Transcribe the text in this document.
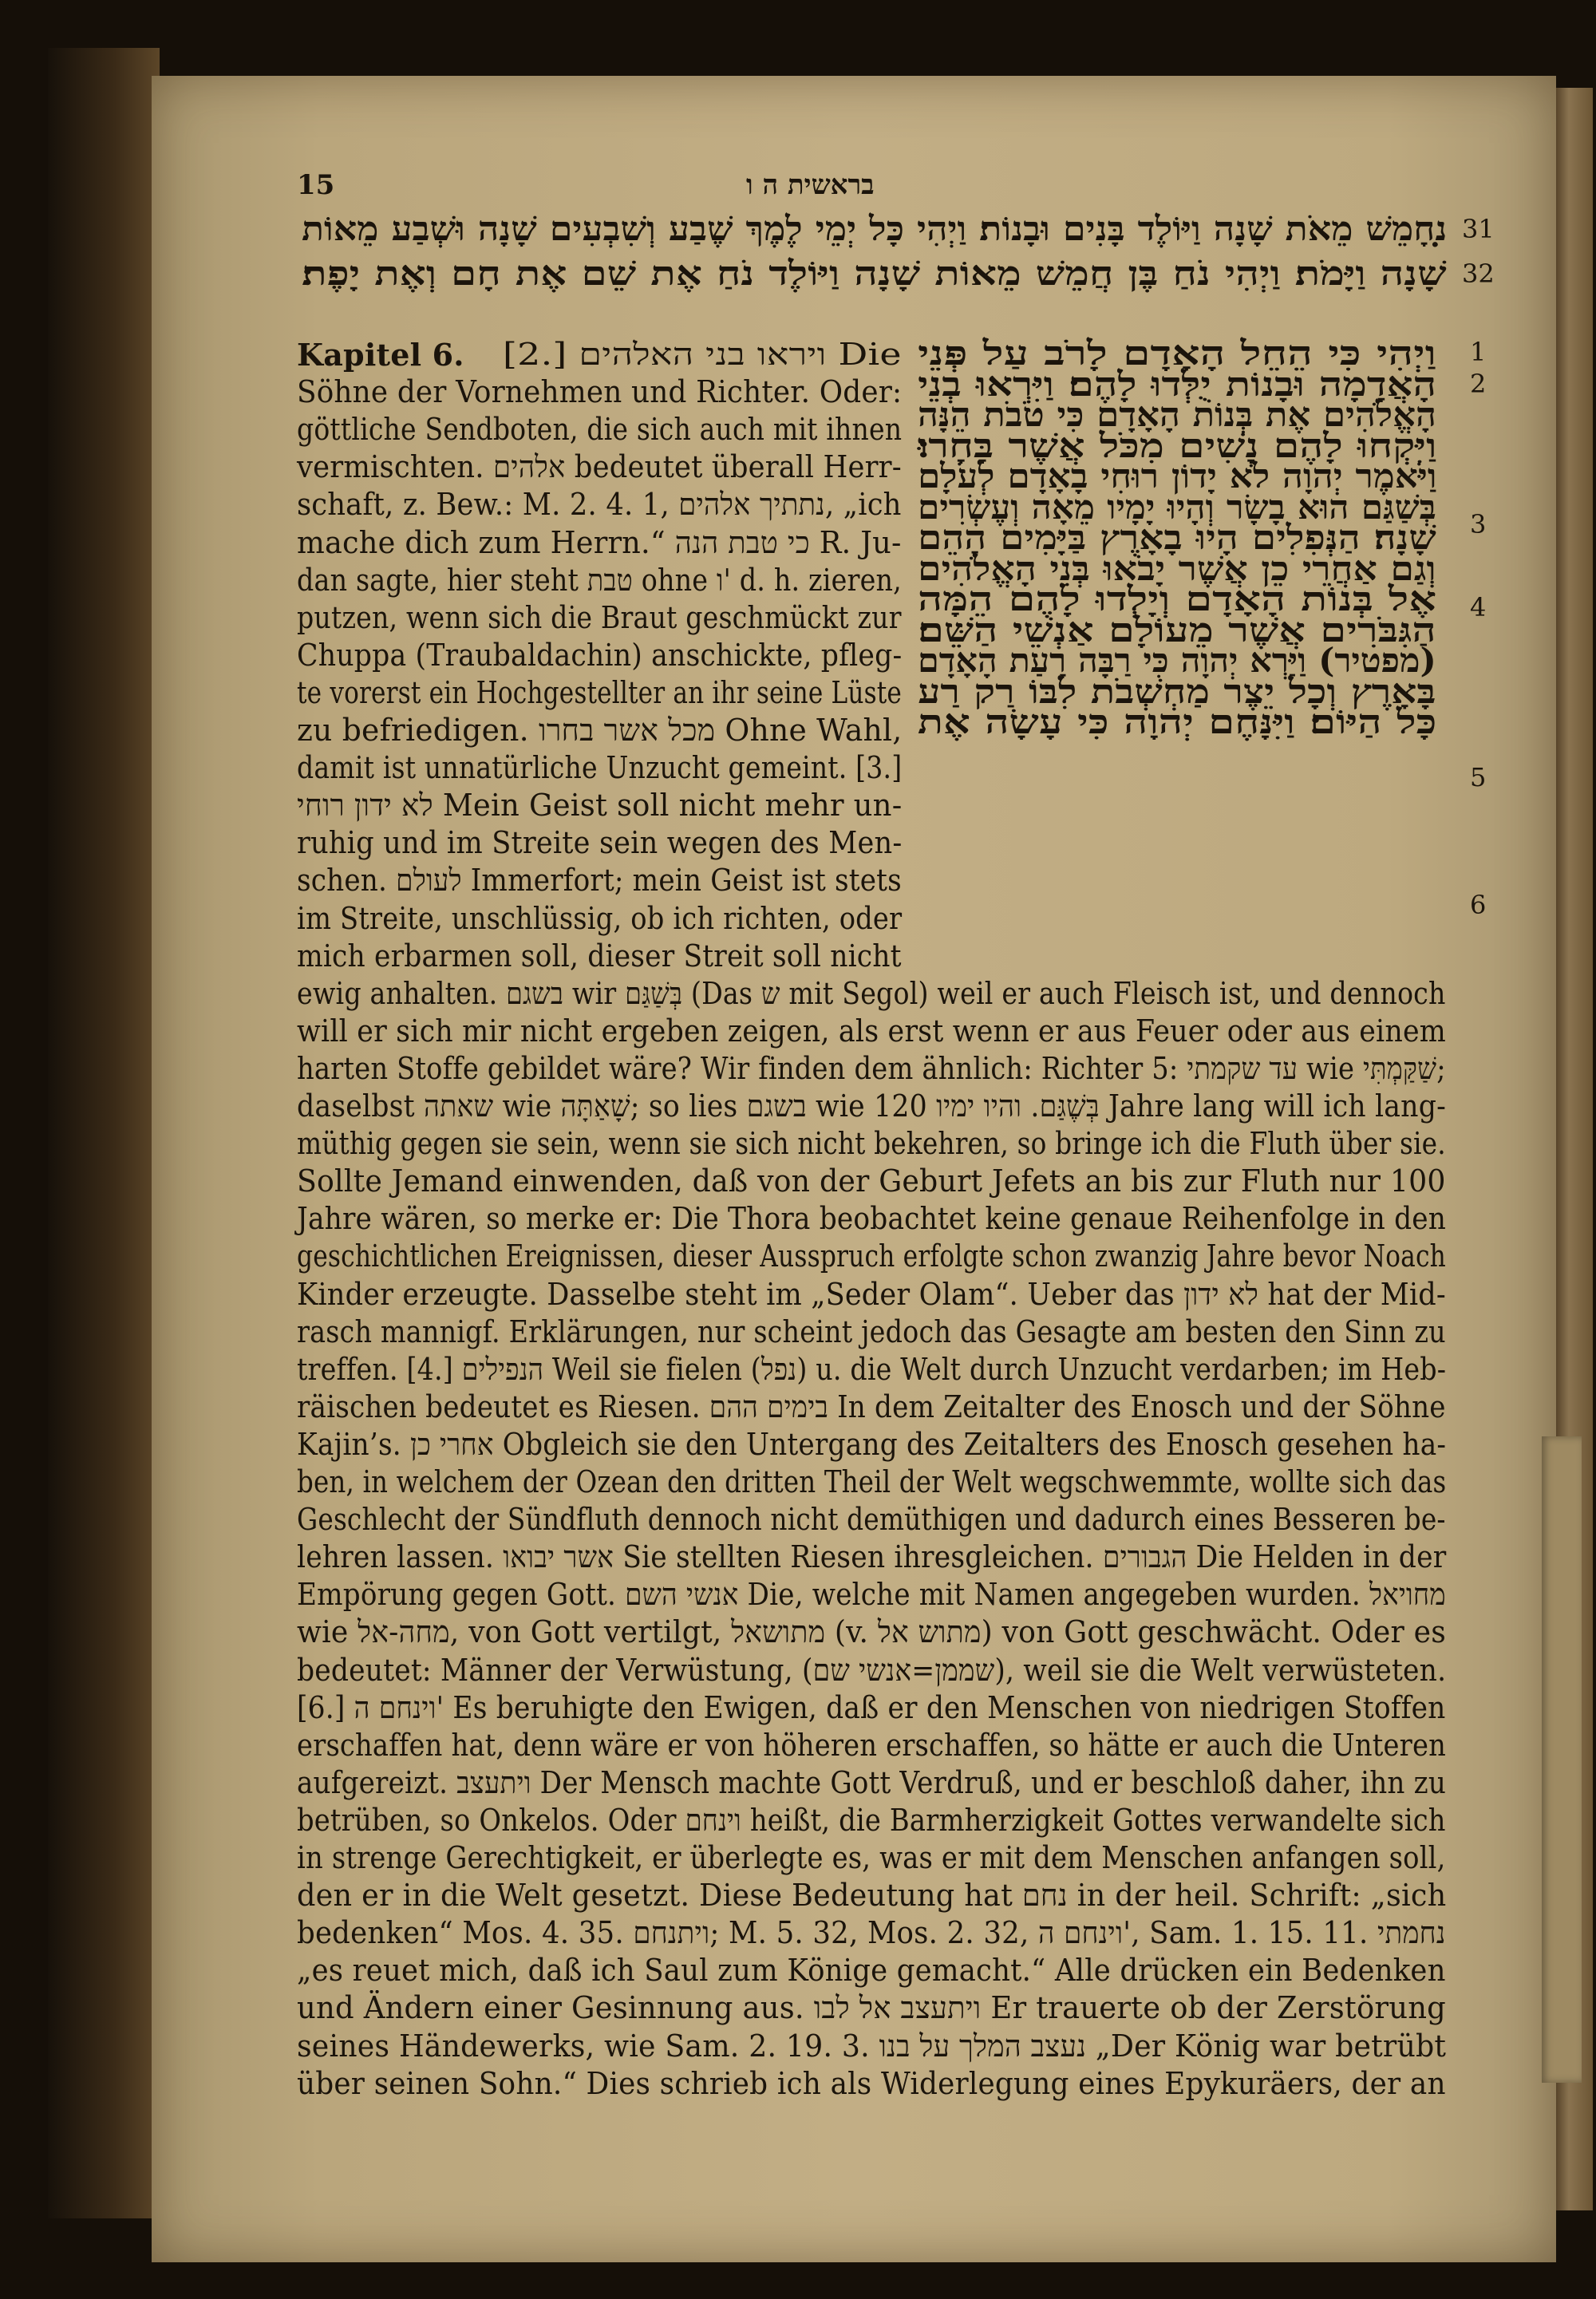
15	בראשית ה ו
נ̣חָמֵשׁ מֵאֹת שָׁנָה וַיּוֹלֶד בָּנִים וּבָנוֹת׃ וַיְהִי כָּל יְמֵי לֶמֶךְ שֶׁבַע וְשִׁבְעִים שָׁנָה וּשְׁבַע מֵאוֹת
שָׁנָה וַיָּמֹת׃ וַיְהִי נֹחַ בֶּן חֲמֵשׁ מֵאוֹת שָׁנָה וַיּוֹלֶד נֹחַ אֶת שֵׁם אֶת חָם וְאֶת יָפֶת׃
31
32
וַיְהִי כִּי הֵחֵל הָאָדָם לָרֹב עַל פְּנֵי
הָאֲדָמָה וּבָנוֹת יֻלְּדוּ לָהֶם׃ וַיִּרְאוּ בְנֵי
הָאֱלֹהִים אֶת בְּנוֹת הָאָדָם כִּי טֹבֹת הֵנָּה
וַיִּקְחוּ לָהֶם נָשִׁים מִכֹּל אֲשֶׁר בָּחָרוּ׃
וַיֹּאמֶר יְהוָה לֹא יָדוֹן רוּחִי בָאָדָם לְעֹלָם
בְּשַׁגַּם הוּא בָשָׂר וְהָיוּ יָמָיו מֵאָה וְעֶשְׂרִים
שָׁנָה׃ הַנְּפִלִים הָיוּ בָאָרֶץ בַּיָּמִים הָהֵם
וְגַם אַחֲרֵי כֵן אֲשֶׁר יָבֹאוּ בְּנֵי הָאֱלֹהִים
אֶל בְּנוֹת הָאָדָם וְיָלְדוּ לָהֶם הֵמָּה
הַגִּבֹּרִים אֲשֶׁר מֵעוֹלָם אַנְשֵׁי הַשֵּׁם׃
(מפטיר) וַיַּרְא יְהוָה כִּי רַבָּה רָעַת הָאָדָם
בָּאָרֶץ וְכָל יֵצֶר מַחְשְׁבֹת לִבּוֹ רַק רַע
כָּל הַיּוֹם׃ וַיִּנָּחֶם יְהוָה כִּי עָשָׂה אֶת
1
2
3
4
5
6
Kapitel 6. [2.] ויראו בני האלהים Die
Söhne der Vornehmen und Richter. Oder:
göttliche Sendboten, die sich auch mit ihnen
vermischten. אלהים bedeutet überall Herr-
schaft, z. Bew.: M. 2. 4. 1, נתתיך אלהים, „ich
mache dich zum Herrn.“ כי טבת הנה R. Ju-
dan sagte, hier steht טבת ohne ו' d. h. zieren,
putzen, wenn sich die Braut geschmückt zur
Chuppa (Traubaldachin) anschickte, pfleg-
te vorerst ein Hochgestellter an ihr seine Lüste
zu befriedigen. מכל אשר בחרו Ohne Wahl,
damit ist unnatürliche Unzucht gemeint. [3.]
לא ידון רוחי Mein Geist soll nicht mehr un-
ruhig und im Streite sein wegen des Men-
schen. לעולם Immerfort; mein Geist ist stets
im Streite, unschlüssig, ob ich richten, oder
mich erbarmen soll, dieser Streit soll nicht
ewig anhalten. בשגם wir בְּשַׁגַּם (Das ש mit Segol) weil er auch Fleisch ist, und dennoch
will er sich mir nicht ergeben zeigen, als erst wenn er aus Feuer oder aus einem
harten Stoffe gebildet wäre? Wir finden dem ähnlich: Richter 5: עד שקמתי wie שַׁקַּמְתִּי;
daselbst שאתה wie שָׁאַתָּה; so lies בשגם wie בְּשֶׁגַּם. והיו ימיו 120 Jahre lang will ich lang-
müthig gegen sie sein, wenn sie sich nicht bekehren, so bringe ich die Fluth über sie.
Sollte Jemand einwenden, daß von der Geburt Jefets an bis zur Fluth nur 100
Jahre wären, so merke er: Die Thora beobachtet keine genaue Reihenfolge in den
geschichtlichen Ereignissen, dieser Ausspruch erfolgte schon zwanzig Jahre bevor Noach
Kinder erzeugte. Dasselbe steht im „Seder Olam“. Ueber das לא ידון hat der Mid-
rasch mannigf. Erklärungen, nur scheint jedoch das Gesagte am besten den Sinn zu
treffen. [4.] הנפילים Weil sie fielen (נפל) u. die Welt durch Unzucht verdarben; im Heb-
räischen bedeutet es Riesen. בימים ההם In dem Zeitalter des Enosch und der Söhne
Kajin’s. אחרי כן Obgleich sie den Untergang des Zeitalters des Enosch gesehen ha-
ben, in welchem der Ozean den dritten Theil der Welt wegschwemmte, wollte sich das
Geschlecht der Sündfluth dennoch nicht demüthigen und dadurch eines Besseren be-
lehren lassen. אשר יבואו Sie stellten Riesen ihresgleichen. הגבורים Die Helden in der
Empörung gegen Gott. אנשי השם Die, welche mit Namen angegeben wurden. מחויאל
wie מחה-אל, von Gott vertilgt, מתושאל (v. מתוש אל) von Gott geschwächt. Oder es
bedeutet: Männer der Verwüstung, (שממן=אנשי שם), weil sie die Welt verwüsteten.
[6.] וינחם ה' Es beruhigte den Ewigen, daß er den Menschen von niedrigen Stoffen
erschaffen hat, denn wäre er von höheren erschaffen, so hätte er auch die Unteren
aufgereizt. ויתעצב Der Mensch machte Gott Verdruß, und er beschloß daher, ihn zu
betrüben, so Onkelos. Oder וינחם heißt, die Barmherzigkeit Gottes verwandelte sich
in strenge Gerechtigkeit, er überlegte es, was er mit dem Menschen anfangen soll,
den er in die Welt gesetzt. Diese Bedeutung hat נחם in der heil. Schrift: „sich
bedenken“ Mos. 4. 35. ויתנחם; M. 5. 32, Mos. 2. 32, וינחם ה', Sam. 1. 15. 11. נחמתי
„es reuet mich, daß ich Saul zum Könige gemacht.“ Alle drücken ein Bedenken
und Ändern einer Gesinnung aus. ויתעצב אל לבו Er trauerte ob der Zerstörung
seines Händewerks, wie Sam. 2. 19. 3. נעצב המלך על בנו „Der König war betrübt
über seinen Sohn.“ Dies schrieb ich als Widerlegung eines Epykuräers, der an
